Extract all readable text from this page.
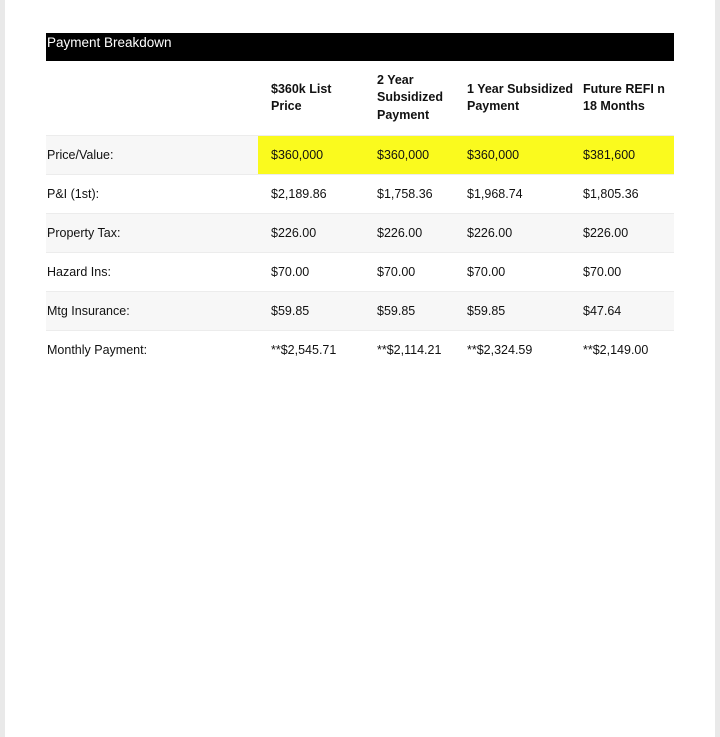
Payment Breakdown
	$360k List Price	2 Year Subsidized Payment	1 Year Subsidized Payment	Future REFI n 18 Months
Price/Value:	$360,000	$360,000	$360,000	$381,600
P&I (1st):	$2,189.86	$1,758.36	$1,968.74	$1,805.36
Property Tax:	$226.00	$226.00	$226.00	$226.00
Hazard Ins:	$70.00	$70.00	$70.00	$70.00
Mtg Insurance:	$59.85	$59.85	$59.85	$47.64
Monthly Payment:	**$2,545.71	**$2,114.21	**$2,324.59	**$2,149.00
